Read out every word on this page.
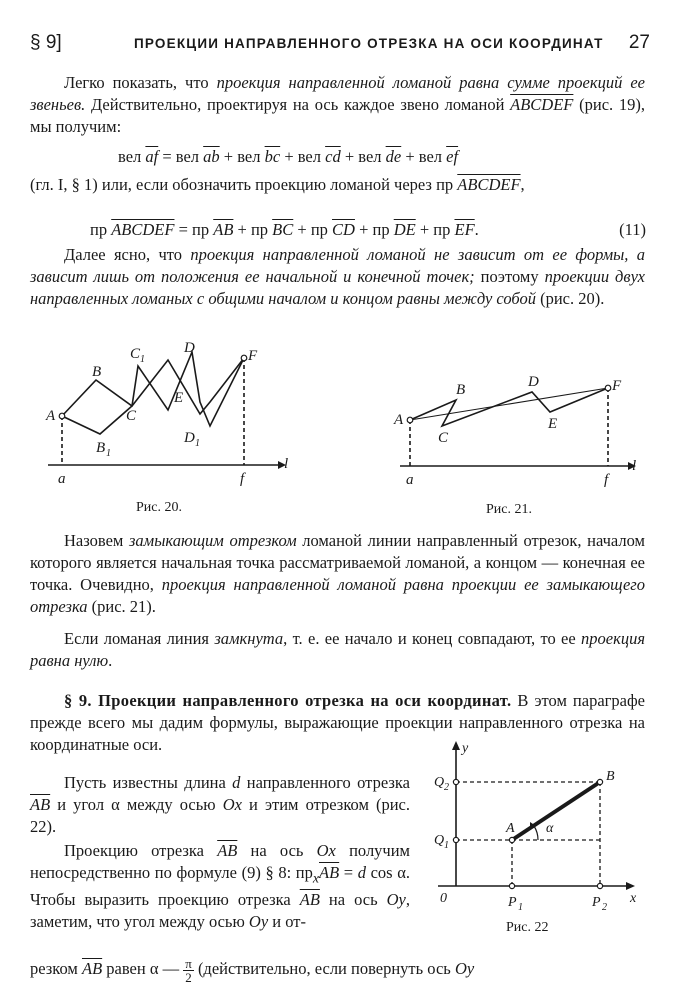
§ 9]	ПРОЕКЦИИ НАПРАВЛЕННОГО ОТРЕЗКА НА ОСИ КООРДИНАТ 27
Легко показать, что проекция направленной ломаной равна сумме проекций ее звеньев. Действительно, проектируя на ось каждое звено ломаной ABCDEF (рис. 19), мы получим:
вел $\overline{af}$ = вел $\overline{ab}$ + вел $\overline{bc}$ + вел $\overline{cd}$ + вел $\overline{de}$ + вел $\overline{ef}$
(гл. I, § 1) или, если обозначить проекцию ломаной через пр ABCDEF,
пр ABCDEF = пр $\overline{AB}$ + пр $\overline{BC}$ + пр $\overline{CD}$ + пр $\overline{DE}$ + пр $\overline{EF}$.	(11)
Далее ясно, что проекция направленной ломаной не зависит от ее формы, а зависит лишь от положения ее начальной и конечной точек; поэтому проекции двух направленных ломаных с общими началом и концом равны между собой (рис. 20).
A
B
B 1
C
C 1
D
E
D 1
F
a	f
l
Рис. 20.
A
B
C
D
E
F
a	f
l
Рис. 21.
Назовем замыкающим отрезком ломаной линии направленный отрезок, началом которого является начальная точка рассматриваемой ломаной, а концом — конечная ее точка. Очевидно, проекция направленной ломаной равна проекции ее замыкающего отрезка (рис. 21).
Если ломаная линия замкнута, т. е. ее начало и конец совпадают, то ее проекция равна нулю.
§ 9. Проекции направленного отрезка на оси координат. В этом параграфе прежде всего мы дадим формулы, выражающие проекции направленного отрезка на координатные оси.
Пусть известны длина d направленного отрезка $\overline{AB}$ и угол α между осью Ox и этим отрезком (рис. 22).
Проекцию отрезка $\overline{AB}$ на ось Ox получим непосредственно по формуле (9) § 8: $пр_x\overline{AB} = d$ cos α. Чтобы выразить проекцию отрезка $\overline{AB}$ на ось Oy, заметим, что угол между осью Oy и от-
резком $\overline{AB}$ равен α — $\frac{\pi}{2}$ (действительно, если повернуть ось Oy
y
x
0
A
B
α
Q 2
Q 1
P 1	P 2
Рис. 22
